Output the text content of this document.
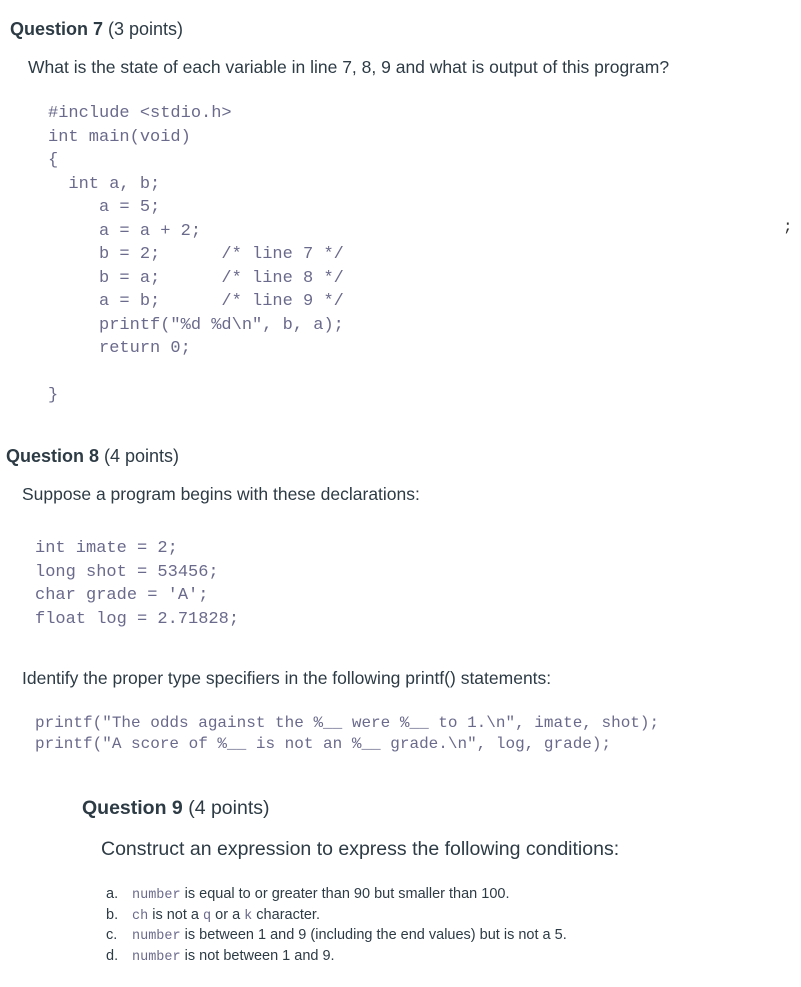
Question 7 (3 points)
What is the state of each variable in line 7, 8, 9 and what is output of this program?
#include <stdio.h>
int main(void)
{
int a, b;
a = 5;
a = a + 2;
b = 2;      /* line 7 */
b = a;      /* line 8 */
a = b;      /* line 9 */
printf("%d %d\n", b, a);
return 0;

}
;
Question 8 (4 points)
Suppose a program begins with these declarations:
int imate = 2;
long shot = 53456;
char grade = 'A';
float log = 2.71828;
Identify the proper type specifiers in the following printf() statements:
printf("The odds against the %__ were %__ to 1.\n", imate, shot);
printf("A score of %__ is not an %__ grade.\n", log, grade);
Question 9 (4 points)
Construct an expression to express the following conditions:
a.	number is equal to or greater than 90 but smaller than 100.
b.	ch is not a q or a k character.
c.	number is between 1 and 9 (including the end values) but is not a 5.
d.	number is not between 1 and 9.
